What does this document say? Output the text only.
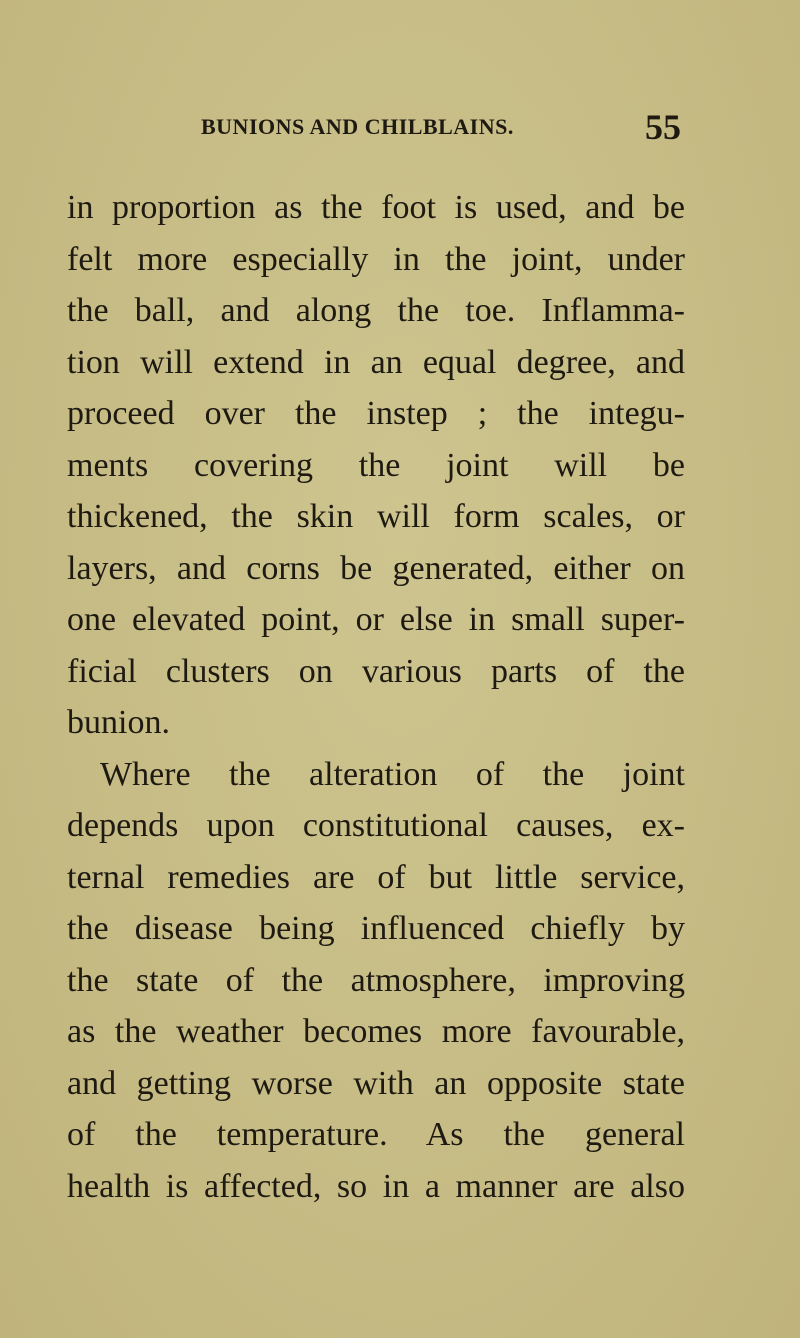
BUNIONS AND CHILBLAINS.	55
in proportion as the foot is used, and be
felt more especially in the joint, under
the ball, and along the toe. Inflamma-
tion will extend in an equal degree, and
proceed over the instep ; the integu-
ments covering the joint will be
thickened, the skin will form scales, or
layers, and corns be generated, either on
one elevated point, or else in small super-
ficial clusters on various parts of the
bunion.
Where the alteration of the joint
depends upon constitutional causes, ex-
ternal remedies are of but little service,
the disease being influenced chiefly by
the state of the atmosphere, improving
as the weather becomes more favourable,
and getting worse with an opposite state
of the temperature. As the general
health is affected, so in a manner are also
